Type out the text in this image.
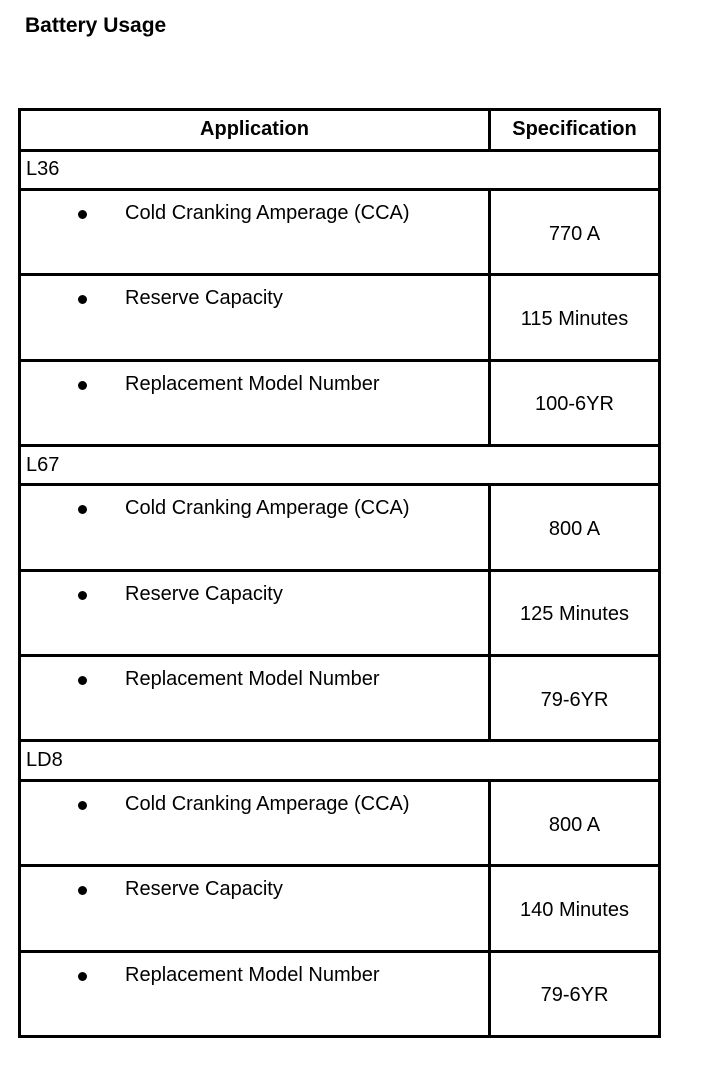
Battery Usage
Application	Specification
L36	

Cold Cranking Amperage (CCA)	770 A

Reserve Capacity	115 Minutes

Replacement Model Number	100-6YR
L67	

Cold Cranking Amperage (CCA)	800 A

Reserve Capacity	125 Minutes

Replacement Model Number	79-6YR
LD8	

Cold Cranking Amperage (CCA)	800 A

Reserve Capacity	140 Minutes

Replacement Model Number	79-6YR
